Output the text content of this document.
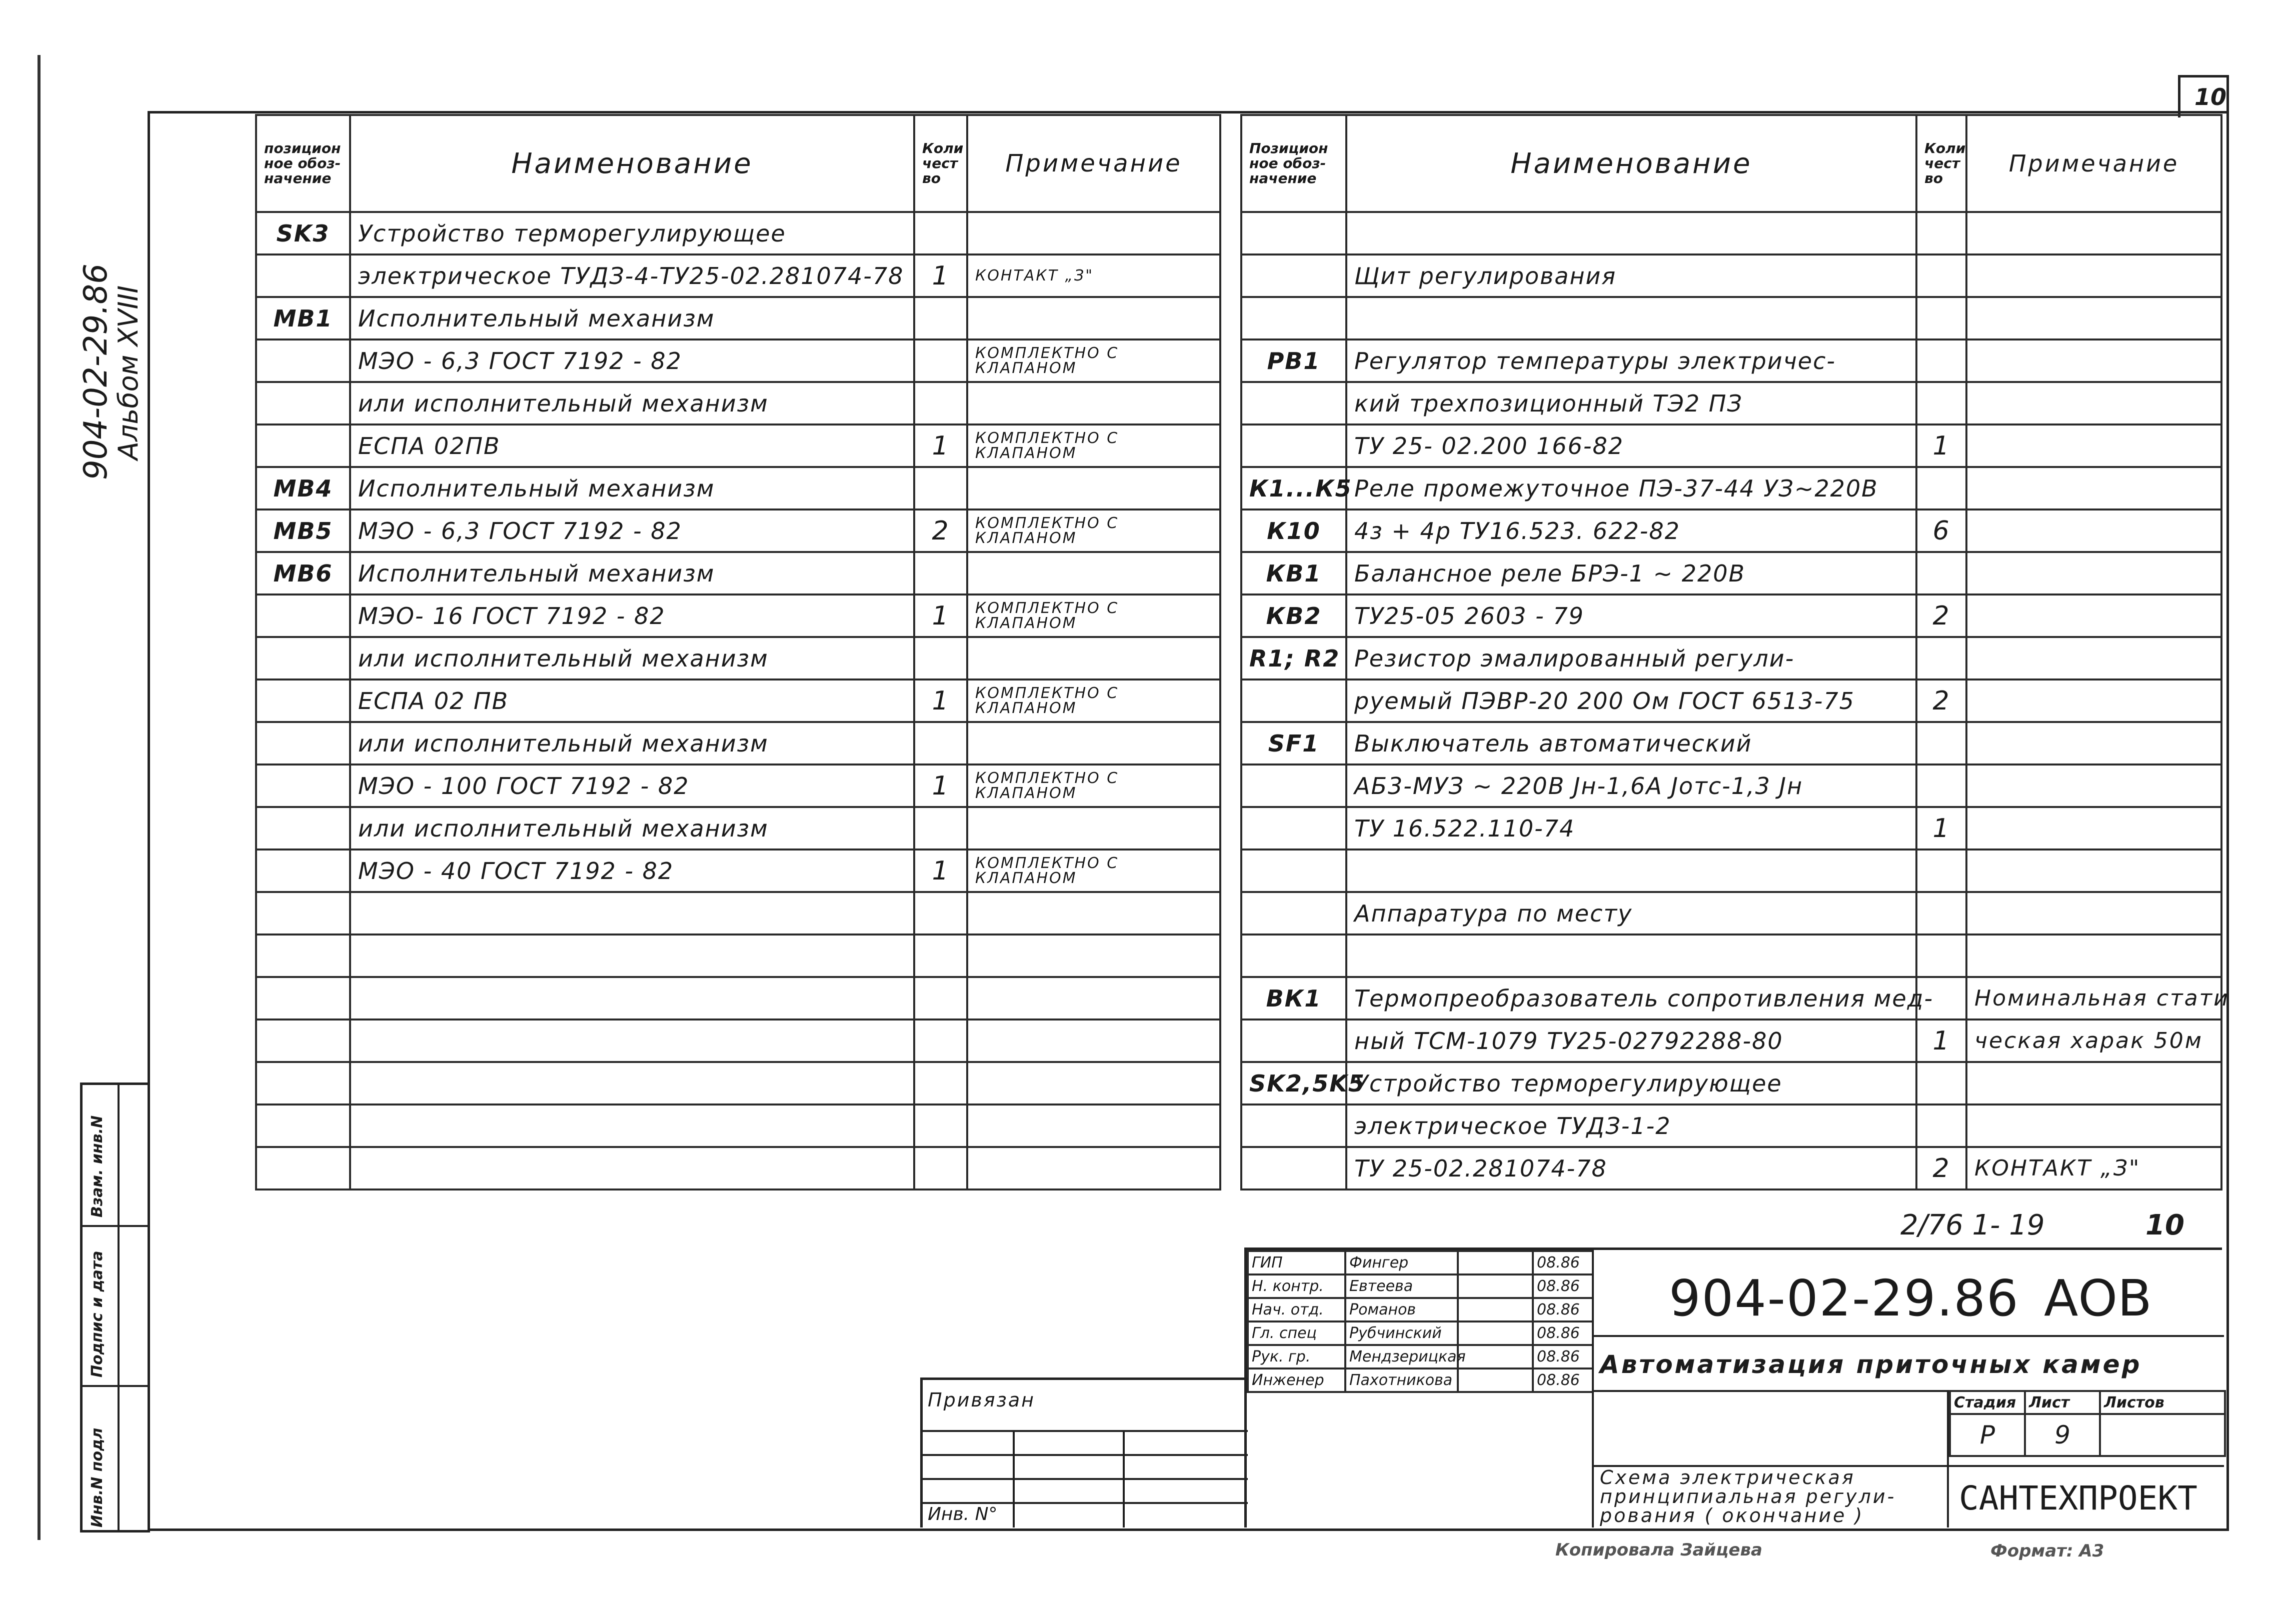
10
904-02-29.86
Альбом XVIII
Инв.N подл
Подпис и дата
Взам. инв.N
позицион ное обоз-начение	Наименование	Коли чест во	Примечание
SK3	Устройство терморегулирующее		
	электрическое ТУДЗ-4-ТУ25-02.281074-78	1	КОНТАКТ „З"
МВ1	Исполнительный механизм		
	МЭО - 6,3 ГОСТ 7192 - 82		КОМПЛЕКТНО С КЛАПАНОМ
	или исполнительный механизм		
	ЕСПА 02ПВ	1	КОМПЛЕКТНО С КЛАПАНОМ
МВ4	Исполнительный механизм		
МВ5	МЭО - 6,3 ГОСТ 7192 - 82	2	КОМПЛЕКТНО С КЛАПАНОМ
МВ6	Исполнительный механизм		
	МЭО- 16 ГОСТ 7192 - 82	1	КОМПЛЕКТНО С КЛАПАНОМ
	или исполнительный механизм		
	ЕСПА 02 ПВ	1	КОМПЛЕКТНО С КЛАПАНОМ
	или исполнительный механизм		
	МЭО - 100 ГОСТ 7192 - 82	1	КОМПЛЕКТНО С КЛАПАНОМ
	или исполнительный механизм		
	МЭО - 40 ГОСТ 7192 - 82	1	КОМПЛЕКТНО С КЛАПАНОМ

Позицион ное обоз-начение	Наименование	Коли чест во	Примечание

	Щит регулирования		

РВ1	Регулятор температуры электричес-		
	кий трехпозиционный ТЭ2 ПЗ		
	ТУ 25- 02.200 166-82	1	
К1...К5	Реле промежуточное ПЭ-37-44 УЗ~220В		
К10	4з + 4р ТУ16.523. 622-82	6	
КВ1	Балансное реле БРЭ-1 ~ 220В		
КВ2	ТУ25-05 2603 - 79	2	
R1; R2	Резистор эмалированный регули-		
	руемый ПЭВР-20 200 Ом ГОСТ 6513-75	2	
SF1	Выключатель автоматический		
	АБ3-МУЗ ~ 220В Jн-1,6А Jотс-1,3 Jн		
	ТУ 16.522.110-74	1	

	Аппаратура по месту		

ВК1	Термопреобразователь сопротивления мед-		Номинальная стати
	ный ТСМ-1079 ТУ25-02792288-80	1	ческая харак 50м
SK2,5K5	Устройство терморегулирующее		
	электрическое ТУДЗ-1-2		
	ТУ 25-02.281074-78	2	КОНТАКТ „З"
2/76 1- 19	10
ГИП	Фингер		08.86
Н. контр.	Евтеева		08.86
Нач. отд.	Романов		08.86
Гл. спец	Рубчинский		08.86
Рук. гр.	Мендзерицкая		08.86
Инженер	Пахотникова		08.86
904-02-29.86 АОВ
Автоматизация приточных камер
Стадия	Лист	Листов
Р	9	
Схема электрическая принципиальная регули-рования ( окончание )	САНТЕХПРОЕКТ
Привязан
Инв. N°
Копировала Зайцева	Формат: А3
